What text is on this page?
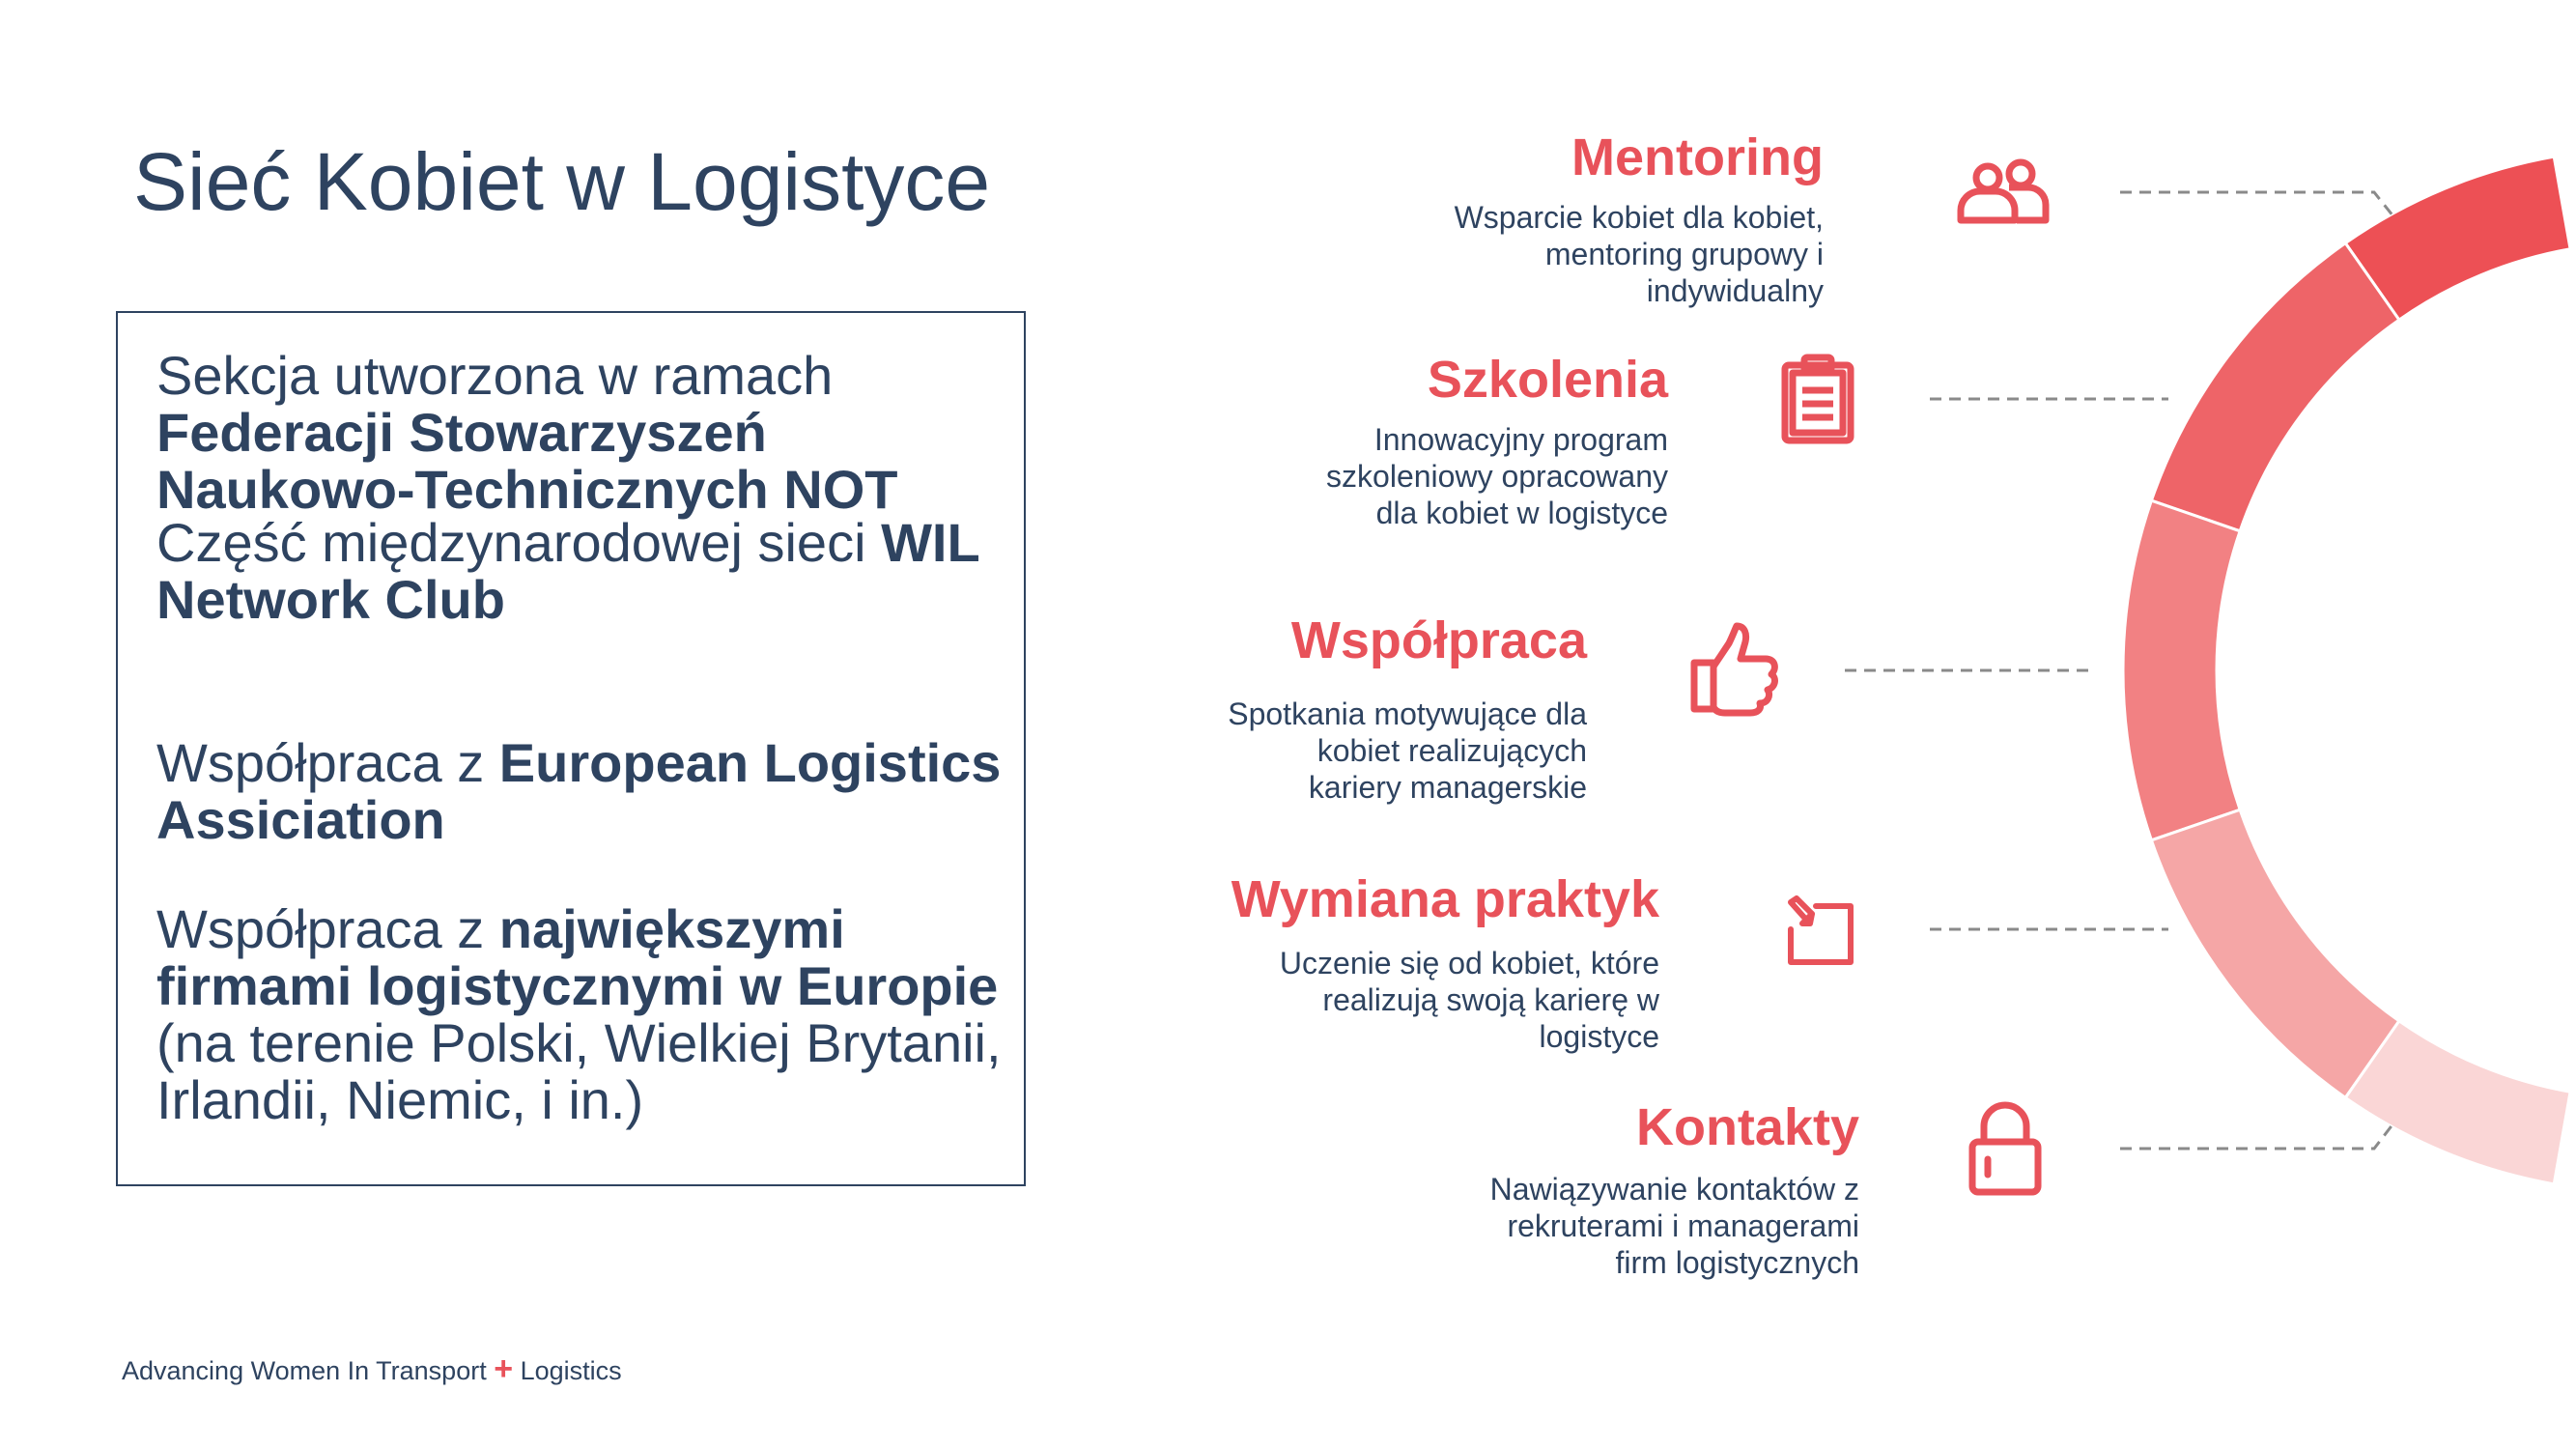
Sieć Kobiet w Logistyce

Sekcja utworzona w ramach Federacji Stowarzyszeń Naukowo-Technicznych NOT

Część międzynarodowej sieci WIL Network Club

Współpraca z European Logistics Assiciation

Współpraca z największymi firmami logistycznymi w Europie (na terenie Polski, Wielkiej Brytanii, Irlandii, Niemic, i in.)

Advancing Women In Transport + Logistics
Mentoring
Wsparcie kobiet dla kobiet,
mentoring grupowy i
indywidualny
Szkolenia
Innowacyjny program
szkoleniowy opracowany
dla kobiet w logistyce
Współpraca
Spotkania motywujące dla
kobiet realizujących
kariery managerskie
Wymiana praktyk
Uczenie się od kobiet, które
realizują swoją karierę w
logistyce
Kontakty
Nawiązywanie kontaktów z
rekruterami i managerami
firm logistycznych
